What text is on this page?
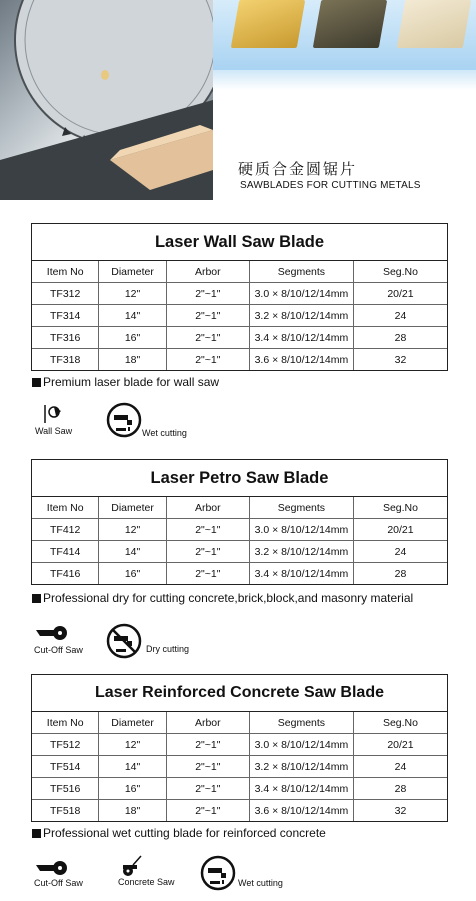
硬质合金圆锯片
SAWBLADES FOR CUTTING METALS
Laser Wall Saw Blade
Item No	Diameter	Arbor	Segments	Seg.No
TF312	12"	2"~1"	3.0 × 8/10/12/14mm	20/21
TF314	14"	2"~1"	3.2 × 8/10/12/14mm	24
TF316	16"	2"~1"	3.4 × 8/10/12/14mm	28
TF318	18"	2"~1"	3.6 × 8/10/12/14mm	32
Premium laser blade for wall saw
Wall Saw	Wet cutting
Laser Petro Saw Blade
Item No	Diameter	Arbor	Segments	Seg.No
TF412	12"	2"~1"	3.0 × 8/10/12/14mm	20/21
TF414	14"	2"~1"	3.2 × 8/10/12/14mm	24
TF416	16"	2"~1"	3.4 × 8/10/12/14mm	28
Professional dry for cutting concrete,brick,block,and masonry material
Cut-Off Saw	Dry cutting
Laser Reinforced Concrete Saw Blade
Item No	Diameter	Arbor	Segments	Seg.No
TF512	12"	2"~1"	3.0 × 8/10/12/14mm	20/21
TF514	14"	2"~1"	3.2 × 8/10/12/14mm	24
TF516	16"	2"~1"	3.4 × 8/10/12/14mm	28
TF518	18"	2"~1"	3.6 × 8/10/12/14mm	32
Professional wet cutting blade for reinforced concrete
Cut-Off Saw	Concrete Saw	Wet cutting
